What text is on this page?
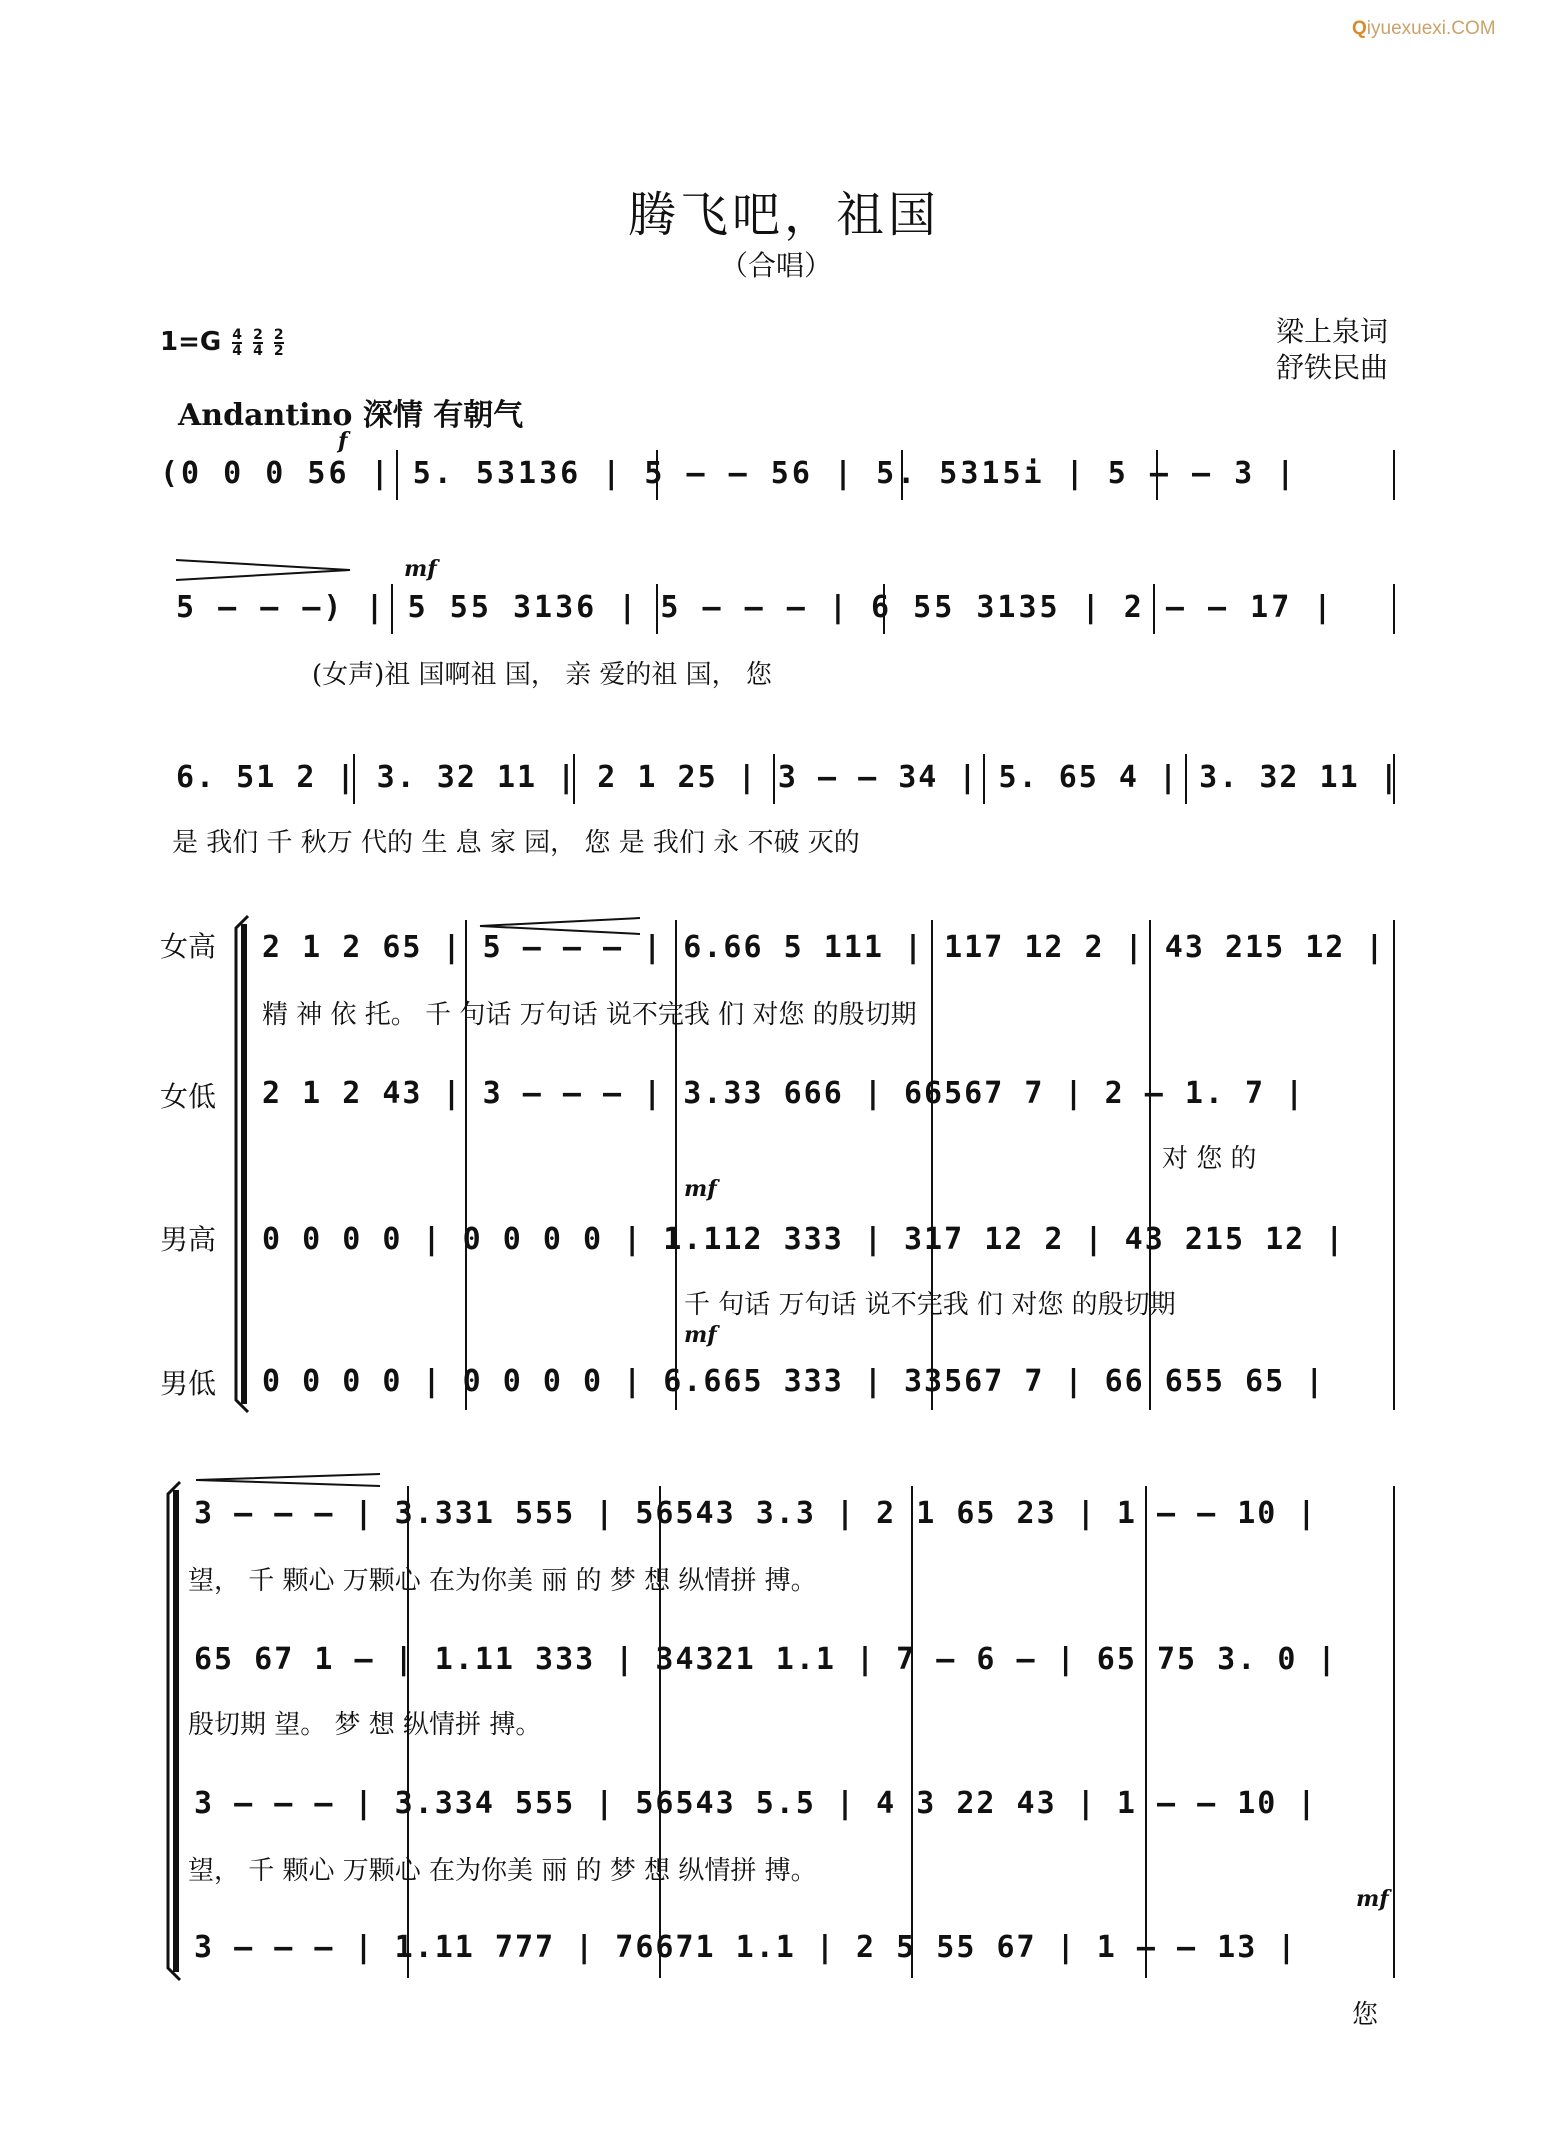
Qiyuexuexi.COM
腾飞吧，祖国
（合唱）
梁上泉词
舒铁民曲
$1=G \frac{4}{4}$
$\frac{2}{4}$
$\frac{2}{2}$
Andantino 深情 有朝气
f
(0 0 0 56 | 5. 53136 | 5 – – 56 | 5. 5315i | 5 – – 3 |
mf
5 – – –) | 5 55 3136 | 5 – – – | 6 55 3135 | 2 – – 17 |
(女声)祖 国啊祖 国， 亲 爱的祖 国， 您
6. 51 2 | 3. 32 11 | 2 1 25 | 3 – – 34 | 5. 65 4 | 3. 32 11 |
是 我们 千 秋万 代的 生 息 家 园， 您 是 我们 永 不破 灭的
女高
女低
男高
男低
2 1 2 65 | 5 – – – | 6.66 5 111 | 117 12 2 | 43 215 12 |
精 神 依 托。 千 句话 万句话 说不完我 们 对您 的殷切期
2 1 2 43 | 3 – – – | 3.33 666 | 66567 7 | 2 – 1. 7 |
对 您 的
mf
0 0 0 0 | 0 0 0 0 | 1.112 333 | 317 12 2 | 43 215 12 |
千 句话 万句话 说不完我 们 对您 的殷切期
mf
0 0 0 0 | 0 0 0 0 | 6.665 333 | 33567 7 | 66 655 65 |
3 – – – | 3.331 555 | 56543 3.3 | 2 1 65 23 | 1 – – 10 |
望， 千 颗心 万颗心 在为你美 丽 的 梦 想 纵情拼 搏。
65 67 1 – | 1.11 333 | 34321 1.1 | 7 – 6 – | 65 75 3. 0 |
殷切期 望。 梦 想 纵情拼 搏。
3 – – – | 3.334 555 | 56543 5.5 | 4 3 22 43 | 1 – – 10 |
望， 千 颗心 万颗心 在为你美 丽 的 梦 想 纵情拼 搏。
mf
3 – – – | 1.11 777 | 76671 1.1 | 2 5 55 67 | 1 – – 13 |
您
